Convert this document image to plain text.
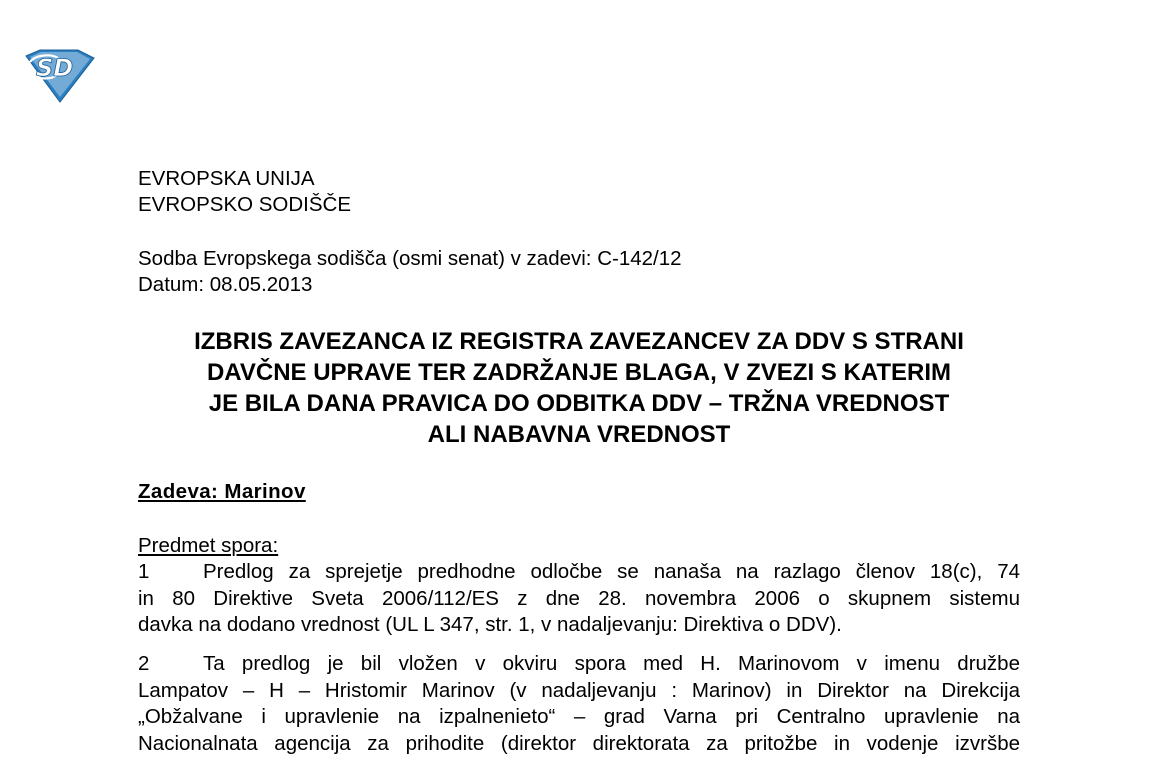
SD
EVROPSKA UNIJA
EVROPSKO SODIŠČE
Sodba Evropskega sodišča (osmi senat) v zadevi: C-142/12
Datum: 08.05.2013
IZBRIS ZAVEZANCA IZ REGISTRA ZAVEZANCEV ZA DDV S STRANI
DAVČNE UPRAVE TER ZADRŽANJE BLAGA, V ZVEZI S KATERIM
JE BILA DANA PRAVICA DO ODBITKA DDV – TRŽNA VREDNOST
ALI NABAVNA VREDNOST
Zadeva: Marinov
Predmet spora:
1	Predlog za sprejetje predhodne odločbe se nanaša na razlago členov 18(c), 74
in 80 Direktive Sveta 2006/112/ES z dne 28. novembra 2006 o skupnem sistemu
davka na dodano vrednost (UL L 347, str. 1, v nadaljevanju: Direktiva o DDV).
2	Ta predlog je bil vložen v okviru spora med H. Marinovom v imenu družbe
Lampatov – H – Hristomir Marinov (v nadaljevanju : Marinov) in Direktor na Direkcija
„Obžalvane i upravlenie na izpalnenieto“ – grad Varna pri Centralno upravlenie na
Nacionalnata agencija za prihodite (direktor direktorata za pritožbe in vodenje izvršbe
